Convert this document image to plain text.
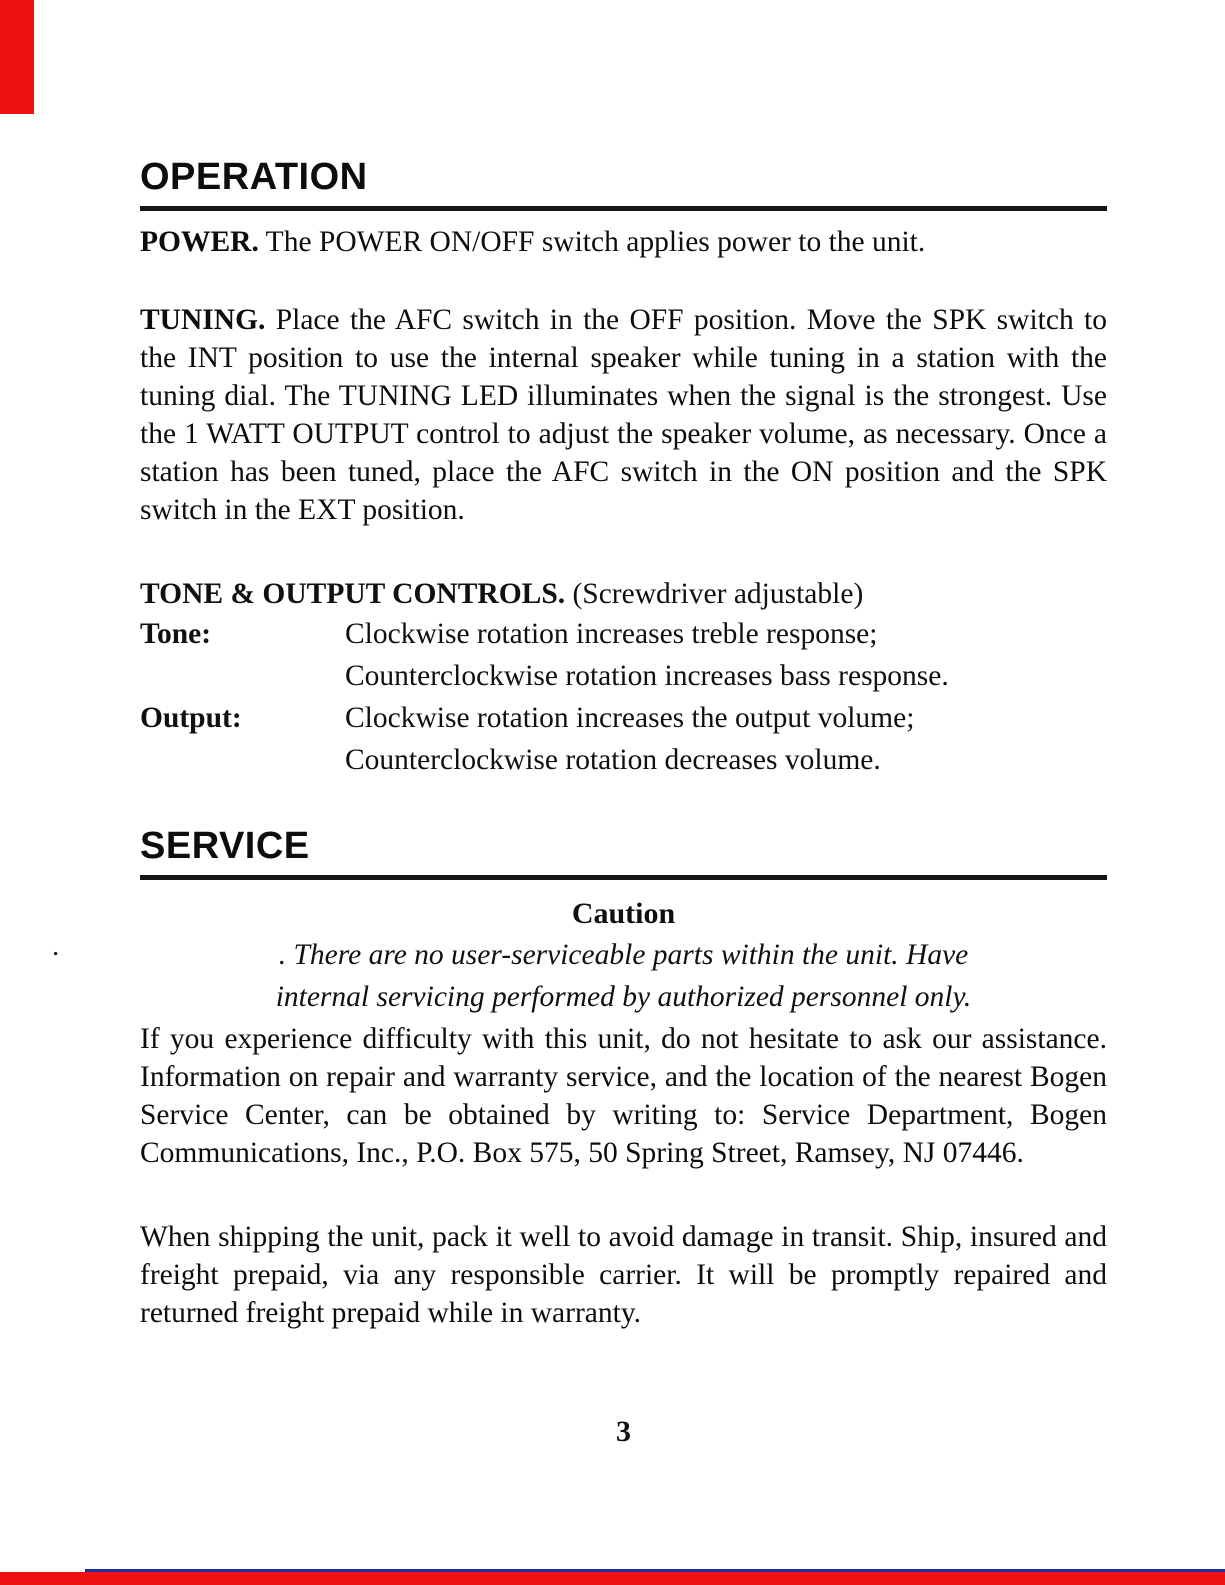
.
OPERATION

POWER. The POWER ON/OFF switch applies power to the unit.

TUNING. Place the AFC switch in the OFF position. Move the SPK switch to the INT position to use the internal speaker while tuning in a station with the tuning dial. The TUNING LED illuminates when the signal is the strongest. Use the 1 WATT OUTPUT control to adjust the speaker volume, as necessary. Once a station has been tuned, place the AFC switch in the ON position and the SPK switch in the EXT position.

TONE & OUTPUT CONTROLS. (Screwdriver adjustable)

Tone:	Clockwise rotation increases treble response;
Counterclockwise rotation increases bass response.
Output:	Clockwise rotation increases the output volume;
Counterclockwise rotation decreases volume.
SERVICE
Caution
. There are no user-serviceable parts within the unit. Have
internal servicing performed by authorized personnel only.

If you experience difficulty with this unit, do not hesitate to ask our assistance. Information on repair and warranty service, and the location of the nearest Bogen Service Center, can be obtained by writing to: Service Department, Bogen Communications, Inc., P.O. Box 575, 50 Spring Street, Ramsey, NJ 07446.

When shipping the unit, pack it well to avoid damage in transit. Ship, insured and freight prepaid, via any responsible carrier. It will be promptly repaired and returned freight prepaid while in warranty.

3
